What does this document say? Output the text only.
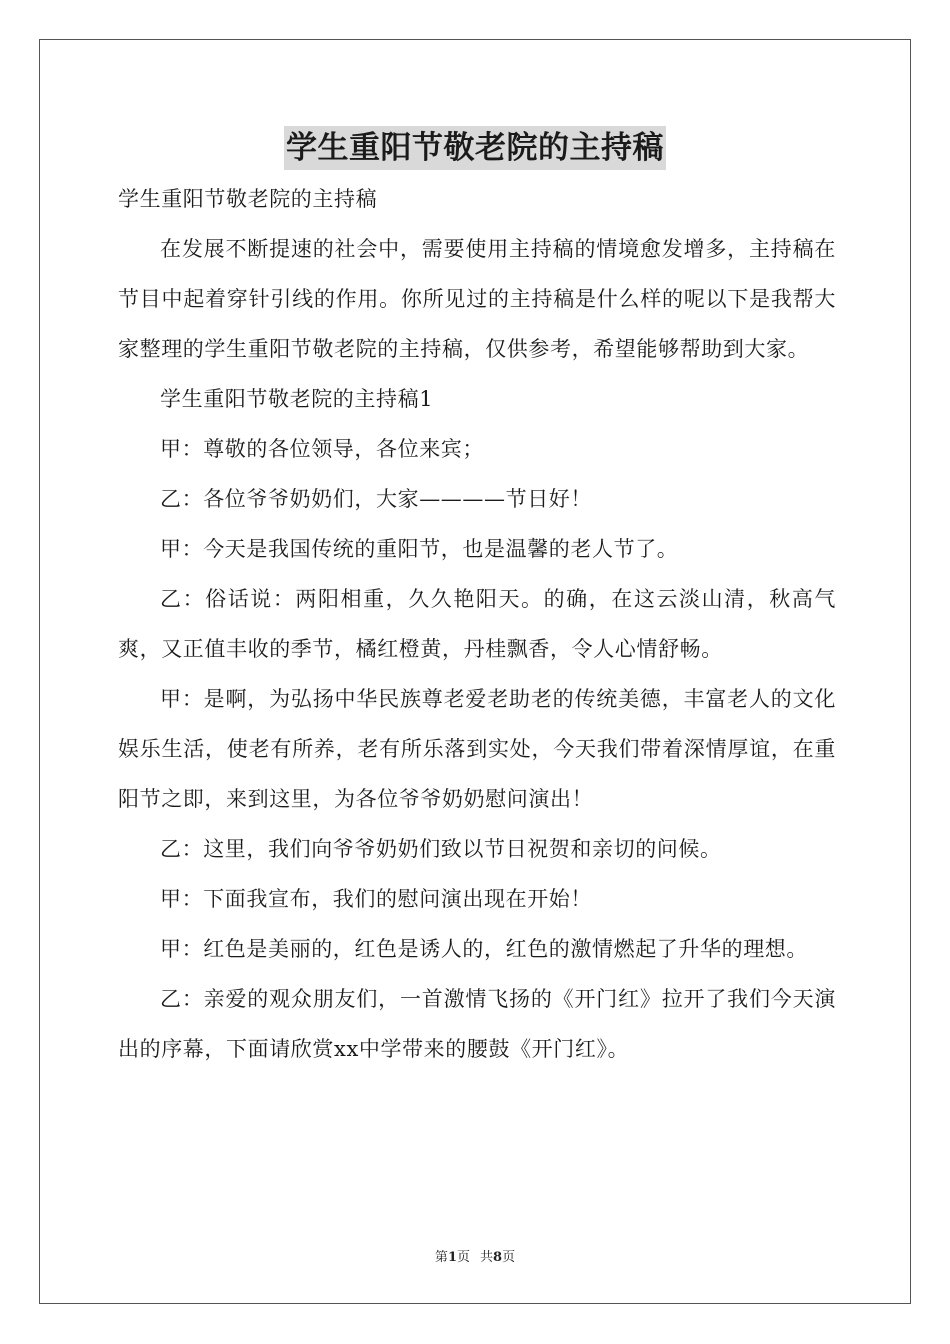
学生重阳节敬老院的主持稿

学生重阳节敬老院的主持稿

在发展不断提速的社会中，需要使用主持稿的情境愈发增多，主持稿在节目中起着穿针引线的作用。你所见过的主持稿是什么样的呢以下是我帮大家整理的学生重阳节敬老院的主持稿，仅供参考，希望能够帮助到大家。

学生重阳节敬老院的主持稿1

甲：尊敬的各位领导，各位来宾；

乙：各位爷爷奶奶们，大家————节日好！

甲：今天是我国传统的重阳节，也是温馨的老人节了。

乙：俗话说：两阳相重，久久艳阳天。的确，在这云淡山清，秋高气爽，又正值丰收的季节，橘红橙黄，丹桂飘香，令人心情舒畅。

甲：是啊，为弘扬中华民族尊老爱老助老的传统美德，丰富老人的文化娱乐生活，使老有所养，老有所乐落到实处，今天我们带着深情厚谊，在重阳节之即，来到这里，为各位爷爷奶奶慰问演出！

乙：这里，我们向爷爷奶奶们致以节日祝贺和亲切的问候。

甲：下面我宣布，我们的慰问演出现在开始！

甲：红色是美丽的，红色是诱人的，红色的激情燃起了升华的理想。

乙：亲爱的观众朋友们，一首激情飞扬的《开门红》拉开了我们今天演出的序幕，下面请欣赏xx中学带来的腰鼓《开门红》。

第1页 共8页
